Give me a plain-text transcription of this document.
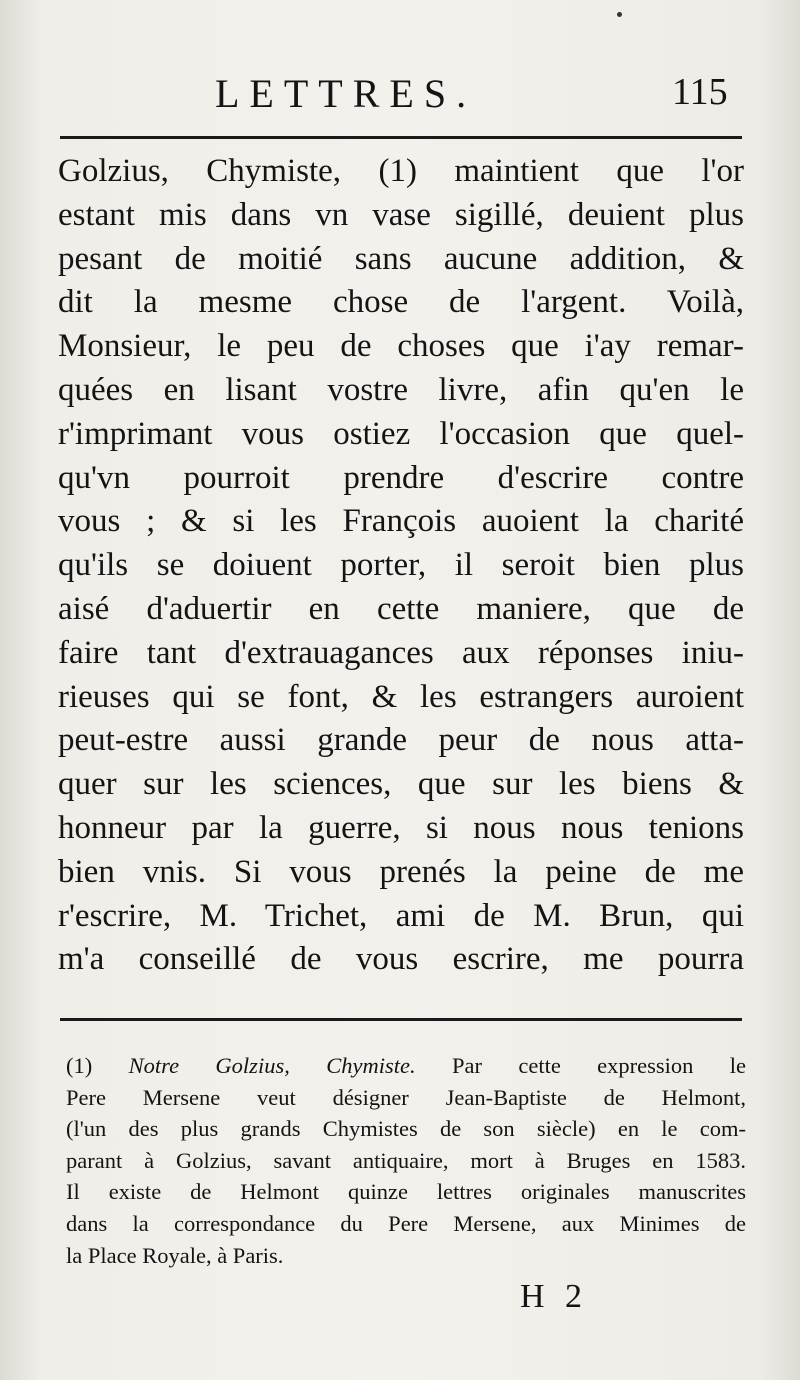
LETTRES.	115
Golzius, Chymiste, (1) maintient que l'or
estant mis dans vn vase sigillé, deuient plus
pesant de moitié sans aucune addition, &
dit la mesme chose de l'argent. Voilà,
Monsieur, le peu de choses que i'ay remar-
quées en lisant vostre livre, afin qu'en le
r'imprimant vous ostiez l'occasion que quel-
qu'vn pourroit prendre d'escrire contre
vous ; & si les François auoient la charité
qu'ils se doiuent porter, il seroit bien plus
aisé d'aduertir en cette maniere, que de
faire tant d'extrauagances aux réponses iniu-
rieuses qui se font, & les estrangers auroient
peut-estre aussi grande peur de nous atta-
quer sur les sciences, que sur les biens &
honneur par la guerre, si nous nous tenions
bien vnis. Si vous prenés la peine de me
r'escrire, M. Trichet, ami de M. Brun, qui
m'a conseillé de vous escrire, me pourra
(1) Notre Golzius, Chymiste. Par cette expression le
Pere Mersene veut désigner Jean-Baptiste de Helmont,
(l'un des plus grands Chymistes de son siècle) en le com-
parant à Golzius, savant antiquaire, mort à Bruges en 1583.
Il existe de Helmont quinze lettres originales manuscrites
dans la correspondance du Pere Mersene, aux Minimes de
la Place Royale, à Paris.
H 2
